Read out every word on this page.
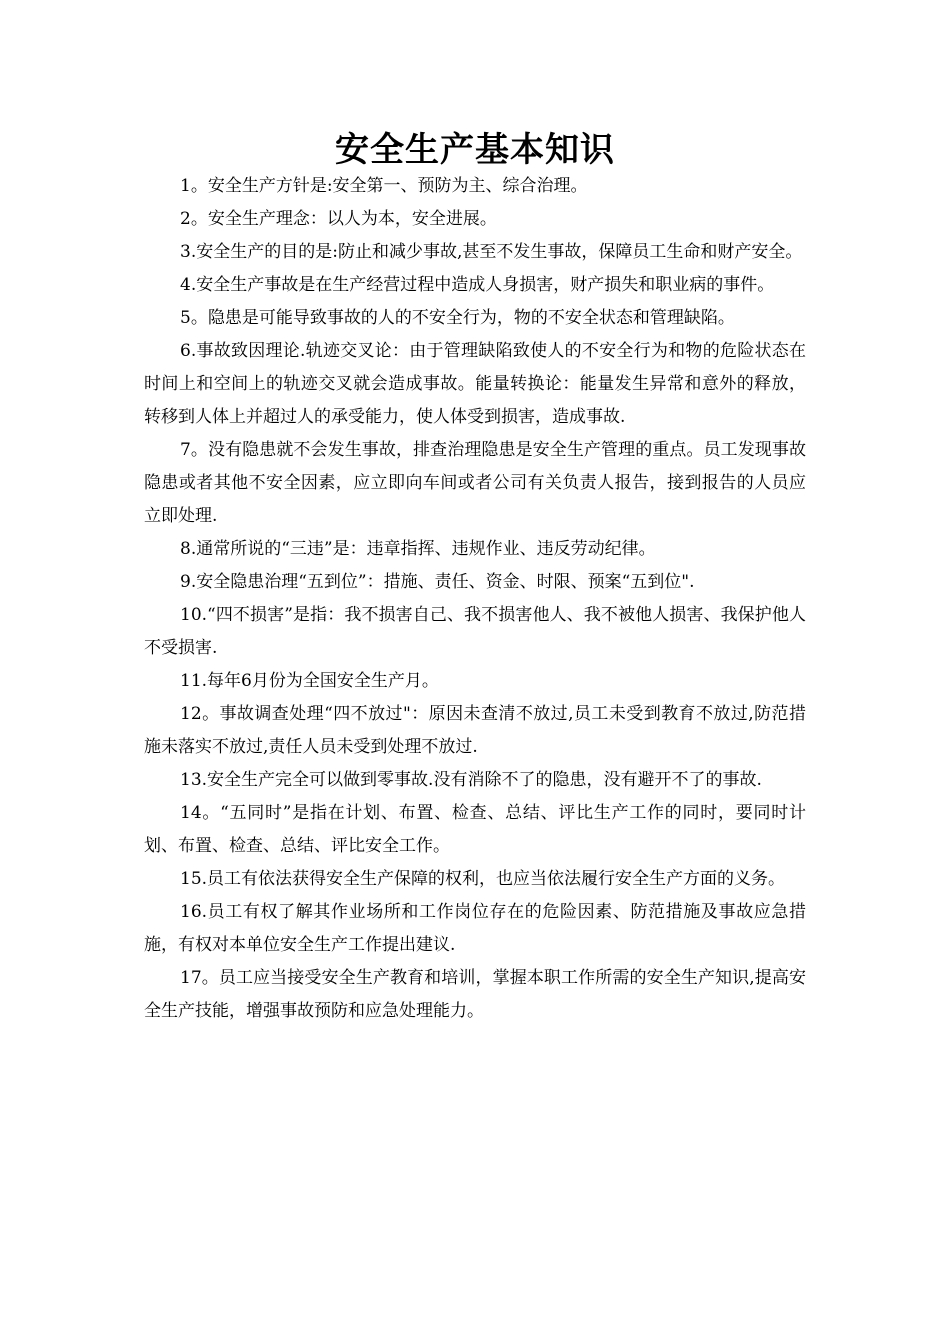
安全生产基本知识

1。安全生产方针是:安全第一、预防为主、综合治理。

2。安全生产理念：以人为本，安全进展。

3.安全生产的目的是:防止和减少事故,甚至不发生事故，保障员工生命和财产安全。

4.安全生产事故是在生产经营过程中造成人身损害，财产损失和职业病的事件。

5。隐患是可能导致事故的人的不安全行为，物的不安全状态和管理缺陷。

6.事故致因理论.轨迹交叉论：由于管理缺陷致使人的不安全行为和物的危险状态在时间上和空间上的轨迹交叉就会造成事故。能量转换论：能量发生异常和意外的释放，转移到人体上并超过人的承受能力，使人体受到损害，造成事故.

7。没有隐患就不会发生事故，排查治理隐患是安全生产管理的重点。员工发现事故隐患或者其他不安全因素，应立即向车间或者公司有关负责人报告，接到报告的人员应立即处理.

8.通常所说的“三违”是：违章指挥、违规作业、违反劳动纪律。

9.安全隐患治理“五到位”：措施、责任、资金、时限、预案“五到位".

10.“四不损害”是指：我不损害自己、我不损害他人、我不被他人损害、我保护他人不受损害.

11.每年6月份为全国安全生产月。

12。事故调查处理“四不放过"：原因未查清不放过,员工未受到教育不放过,防范措施未落实不放过,责任人员未受到处理不放过.

13.安全生产完全可以做到零事故.没有消除不了的隐患，没有避开不了的事故.

14。“五同时”是指在计划、布置、检查、总结、评比生产工作的同时，要同时计划、布置、检查、总结、评比安全工作。

15.员工有依法获得安全生产保障的权利，也应当依法履行安全生产方面的义务。

16.员工有权了解其作业场所和工作岗位存在的危险因素、防范措施及事故应急措施，有权对本单位安全生产工作提出建议.

17。员工应当接受安全生产教育和培训，掌握本职工作所需的安全生产知识,提高安全生产技能，增强事故预防和应急处理能力。
